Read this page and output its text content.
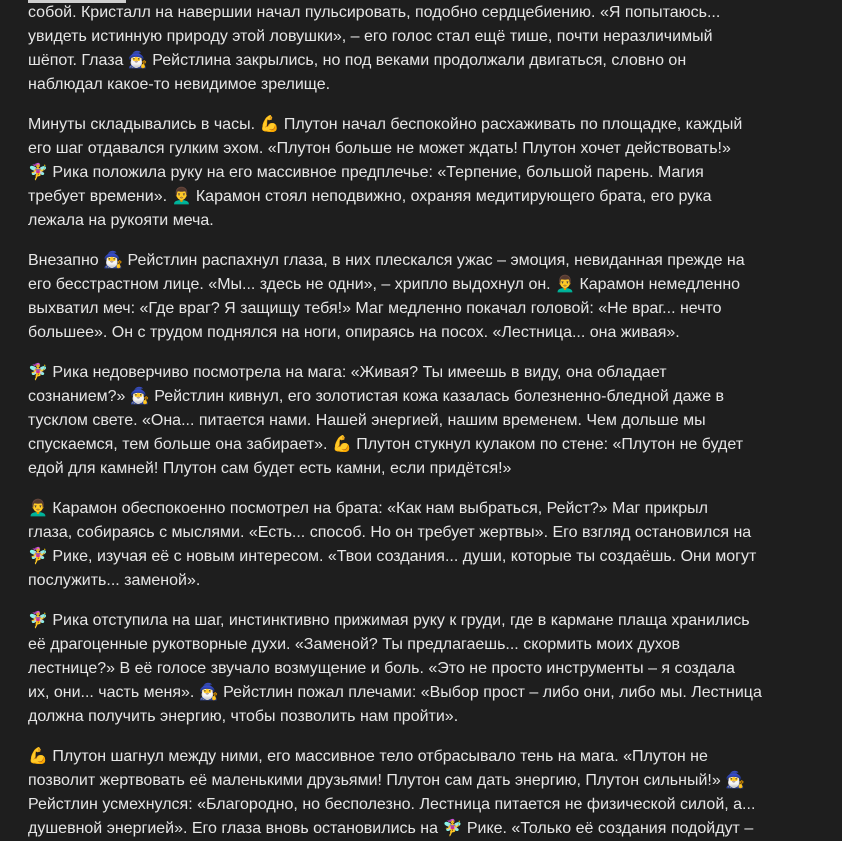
собой. Кристалл на навершии начал пульсировать, подобно сердцебиению. «Я попытаюсь...
увидеть истинную природу этой ловушки», – его голос стал ещё тише, почти неразличимый
шёпот. Глаза 🧙‍♂️ Рейстлина закрылись, но под веками продолжали двигаться, словно он
наблюдал какое-то невидимое зрелище.

Минуты складывались в часы. 💪 Плутон начал беспокойно расхаживать по площадке, каждый
его шаг отдавался гулким эхом. «Плутон больше не может ждать! Плутон хочет действовать!»
🧚‍♀️ Рика положила руку на его массивное предплечье: «Терпение, большой парень. Магия
требует времени». 👨‍🦱 Карамон стоял неподвижно, охраняя медитирующего брата, его рука
лежала на рукояти меча.

Внезапно 🧙‍♂️ Рейстлин распахнул глаза, в них плескался ужас – эмоция, невиданная прежде на
его бесстрастном лице. «Мы... здесь не одни», – хрипло выдохнул он. 👨‍🦱 Карамон немедленно
выхватил меч: «Где враг? Я защищу тебя!» Маг медленно покачал головой: «Не враг... нечто
большее». Он с трудом поднялся на ноги, опираясь на посох. «Лестница... она живая».

🧚‍♀️ Рика недоверчиво посмотрела на мага: «Живая? Ты имеешь в виду, она обладает
сознанием?» 🧙‍♂️ Рейстлин кивнул, его золотистая кожа казалась болезненно-бледной даже в
тусклом свете. «Она... питается нами. Нашей энергией, нашим временем. Чем дольше мы
спускаемся, тем больше она забирает». 💪 Плутон стукнул кулаком по стене: «Плутон не будет
едой для камней! Плутон сам будет есть камни, если придётся!»

👨‍🦱 Карамон обеспокоенно посмотрел на брата: «Как нам выбраться, Рейст?» Маг прикрыл
глаза, собираясь с мыслями. «Есть... способ. Но он требует жертвы». Его взгляд остановился на
🧚‍♀️ Рике, изучая её с новым интересом. «Твои создания... души, которые ты создаёшь. Они могут
послужить... заменой».

🧚‍♀️ Рика отступила на шаг, инстинктивно прижимая руку к груди, где в кармане плаща хранились
её драгоценные рукотворные духи. «Заменой? Ты предлагаешь... скормить моих духов
лестнице?» В её голосе звучало возмущение и боль. «Это не просто инструменты – я создала
их, они... часть меня». 🧙‍♂️ Рейстлин пожал плечами: «Выбор прост – либо они, либо мы. Лестница
должна получить энергию, чтобы позволить нам пройти».

💪 Плутон шагнул между ними, его массивное тело отбрасывало тень на мага. «Плутон не
позволит жертвовать её маленькими друзьями! Плутон сам дать энергию, Плутон сильный!» 🧙‍♂️
Рейстлин усмехнулся: «Благородно, но бесполезно. Лестница питается не физической силой, а...
душевной энергией». Его глаза вновь остановились на 🧚‍♀️ Рике. «Только её создания подойдут –
